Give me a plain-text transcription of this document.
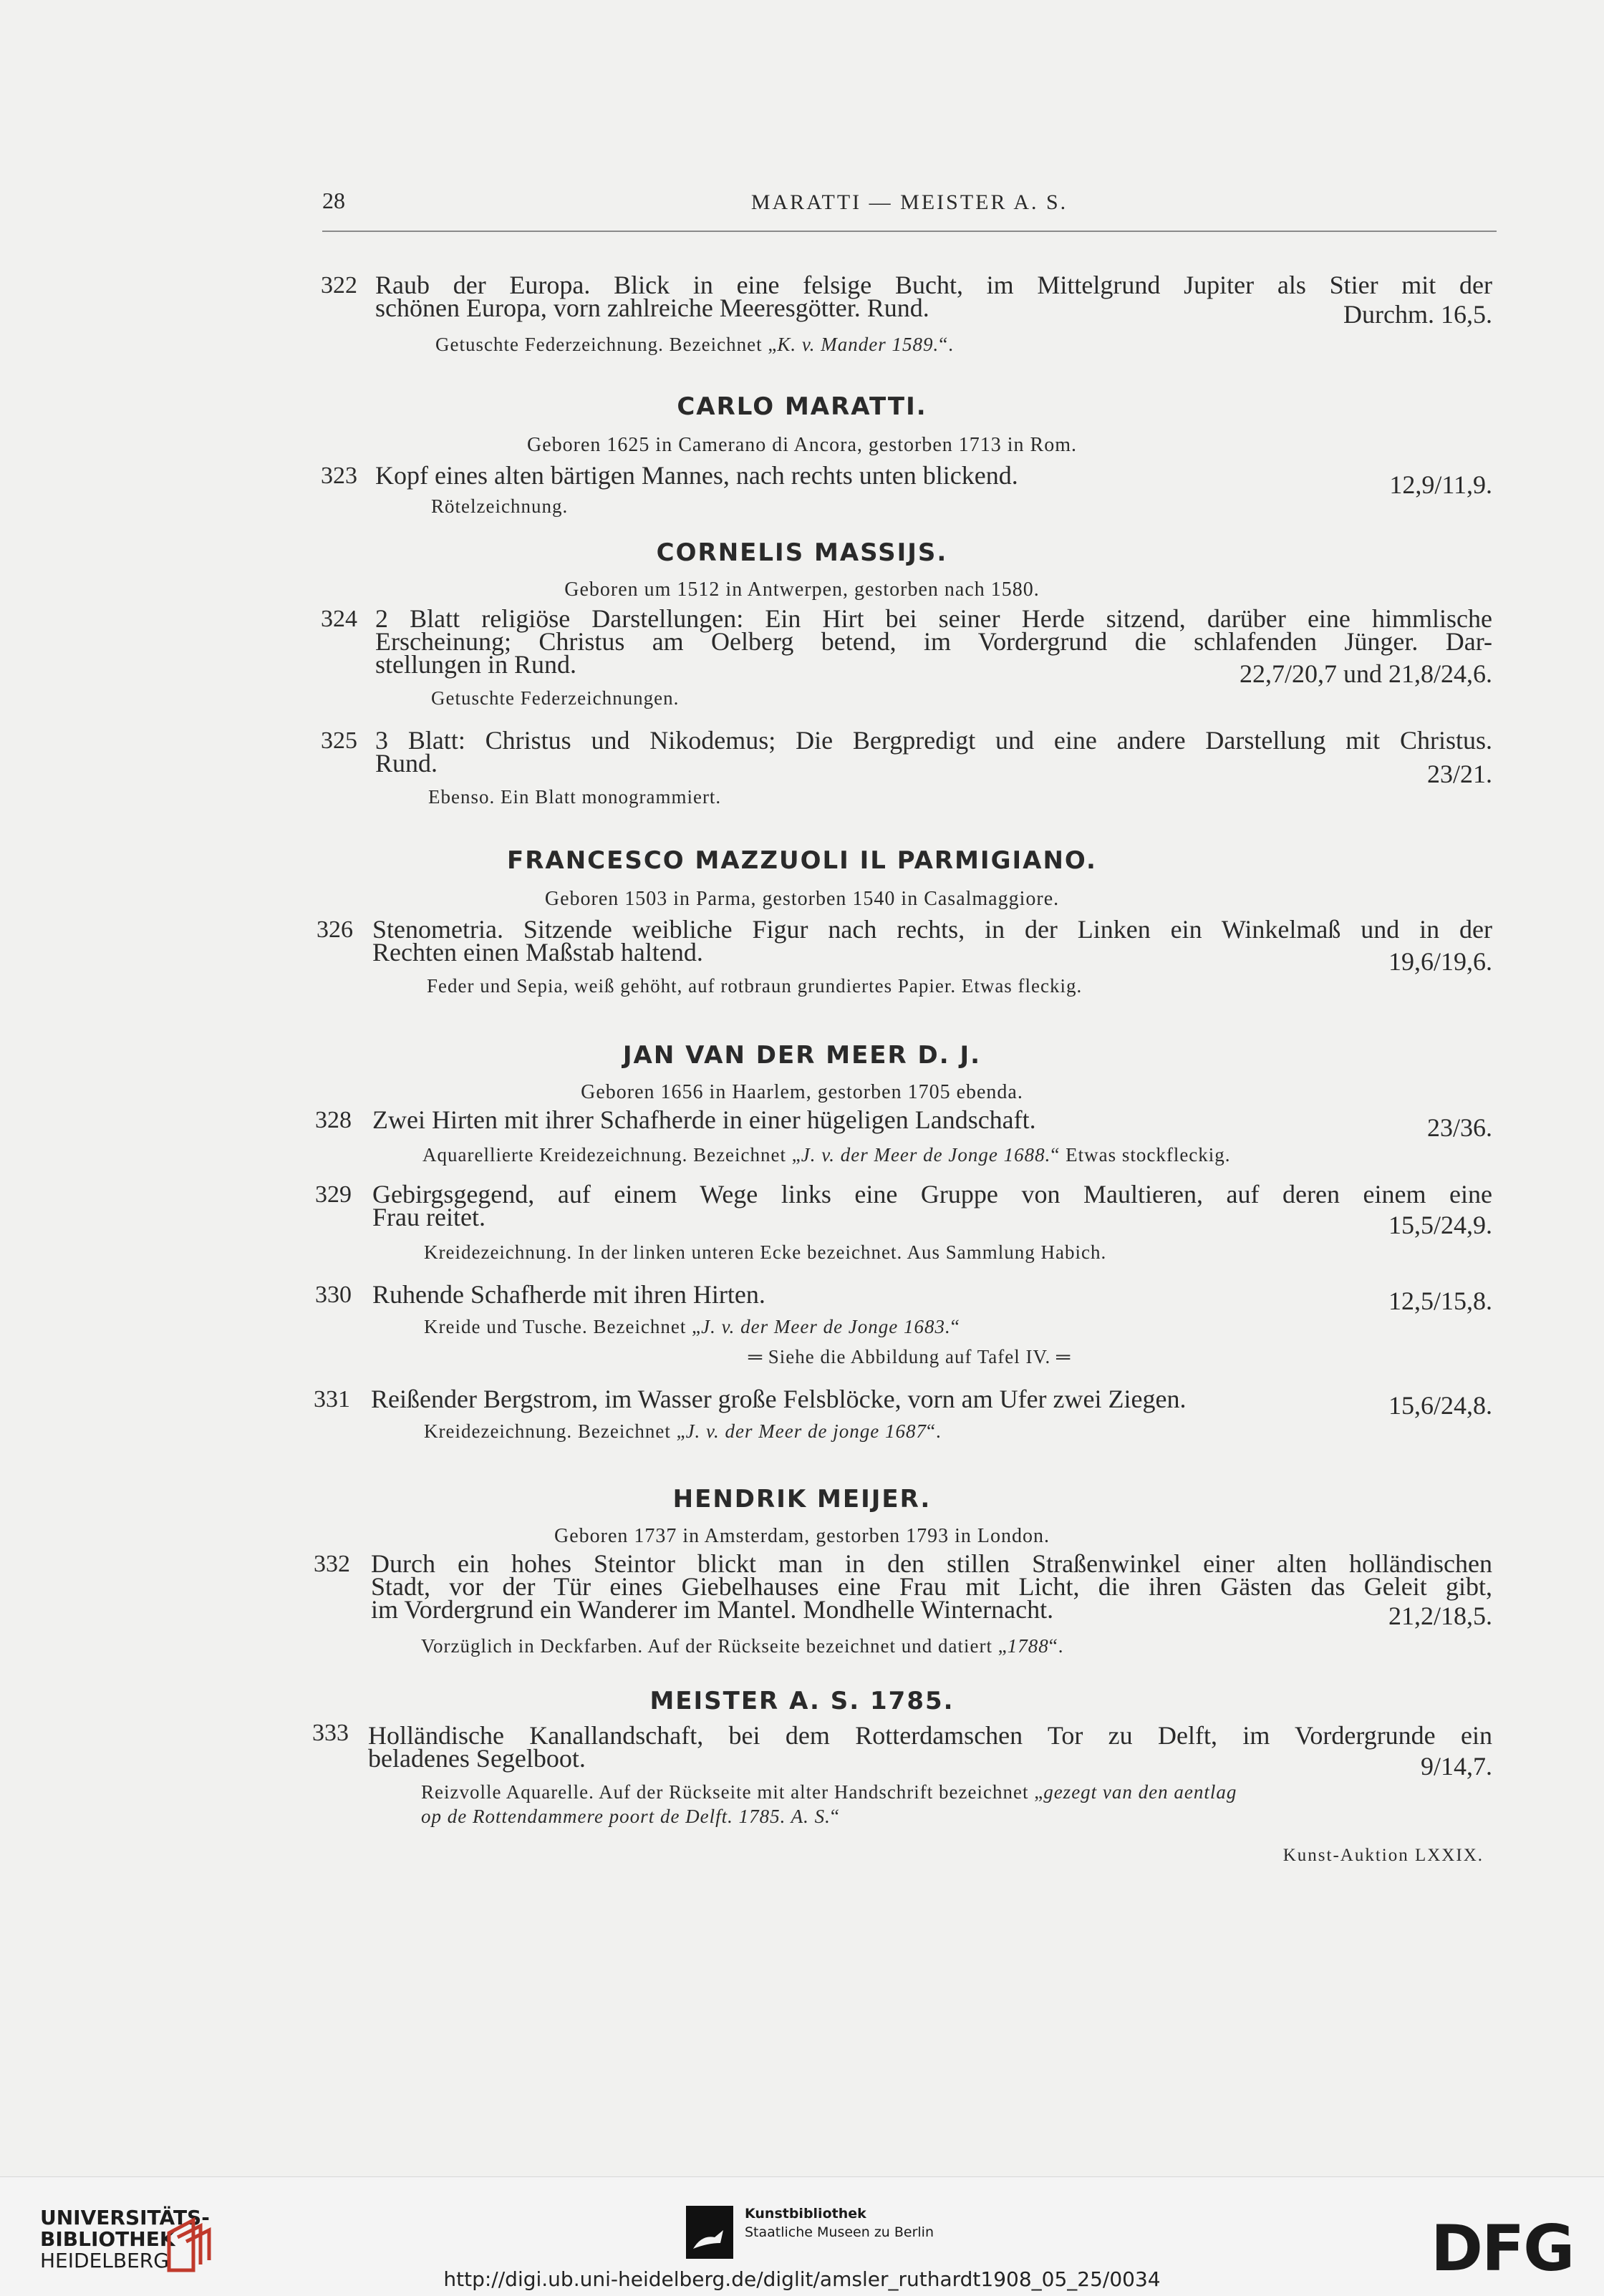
28	MARATTI — MEISTER A. S.
322 Raub der Europa. Blick in eine felsige Bucht, im Mittelgrund Jupiter als Stier mit der
schönen Europa, vorn zahlreiche Meeresgötter. Rund.	Durchm. 16,5.
Getuschte Federzeichnung. Bezeichnet „K. v. Mander 1589.“.
CARLO MARATTI.
Geboren 1625 in Camerano di Ancora, gestorben 1713 in Rom.
323 Kopf eines alten bärtigen Mannes, nach rechts unten blickend.	12,9/11,9.
Rötelzeichnung.
CORNELIS MASSIJS.
Geboren um 1512 in Antwerpen, gestorben nach 1580.
324 2 Blatt religiöse Darstellungen: Ein Hirt bei seiner Herde sitzend, darüber eine himmlische
Erscheinung; Christus am Oelberg betend, im Vordergrund die schlafenden Jünger. Dar-
stellungen in Rund.	22,7/20,7 und 21,8/24,6.
Getuschte Federzeichnungen.
325 3 Blatt: Christus und Nikodemus; Die Bergpredigt und eine andere Darstellung mit Christus.
Rund.	23/21.
Ebenso. Ein Blatt monogrammiert.
FRANCESCO MAZZUOLI IL PARMIGIANO.
Geboren 1503 in Parma, gestorben 1540 in Casalmaggiore.
326 Stenometria. Sitzende weibliche Figur nach rechts, in der Linken ein Winkelmaß und in der
Rechten einen Maßstab haltend.	19,6/19,6.
Feder und Sepia, weiß gehöht, auf rotbraun grundiertes Papier. Etwas fleckig.
JAN VAN DER MEER D. J.
Geboren 1656 in Haarlem, gestorben 1705 ebenda.
328 Zwei Hirten mit ihrer Schafherde in einer hügeligen Landschaft.	23/36.
Aquarellierte Kreidezeichnung. Bezeichnet „J. v. der Meer de Jonge 1688.“ Etwas stockfleckig.
329 Gebirgsgegend, auf einem Wege links eine Gruppe von Maultieren, auf deren einem eine
Frau reitet.	15,5/24,9.
Kreidezeichnung. In der linken unteren Ecke bezeichnet. Aus Sammlung Habich.
330 Ruhende Schafherde mit ihren Hirten.	12,5/15,8.
Kreide und Tusche. Bezeichnet „J. v. der Meer de Jonge 1683.“
═ Siehe die Abbildung auf Tafel IV. ═
331 Reißender Bergstrom, im Wasser große Felsblöcke, vorn am Ufer zwei Ziegen.	15,6/24,8.
Kreidezeichnung. Bezeichnet „J. v. der Meer de jonge 1687“.
HENDRIK MEIJER.
Geboren 1737 in Amsterdam, gestorben 1793 in London.
332 Durch ein hohes Steintor blickt man in den stillen Straßenwinkel einer alten holländischen
Stadt, vor der Tür eines Giebelhauses eine Frau mit Licht, die ihren Gästen das Geleit gibt,
im Vordergrund ein Wanderer im Mantel. Mondhelle Winternacht.	21,2/18,5.
Vorzüglich in Deckfarben. Auf der Rückseite bezeichnet und datiert „1788“.
MEISTER A. S. 1785.
333 Holländische Kanallandschaft, bei dem Rotterdamschen Tor zu Delft, im Vordergrunde ein
beladenes Segelboot.	9/14,7.
Reizvolle Aquarelle. Auf der Rückseite mit alter Handschrift bezeichnet „gezegt van den aentlag
op de Rottendammere poort de Delft. 1785. A. S.“
Kunst-Auktion LXXIX.
UNIVERSITÄTS-
BIBLIOTHEK
HEIDELBERG
Kunstbibliothek
Staatliche Museen zu Berlin	DFG
http://digi.ub.uni-heidelberg.de/diglit/amsler_ruthardt1908_05_25/0034
